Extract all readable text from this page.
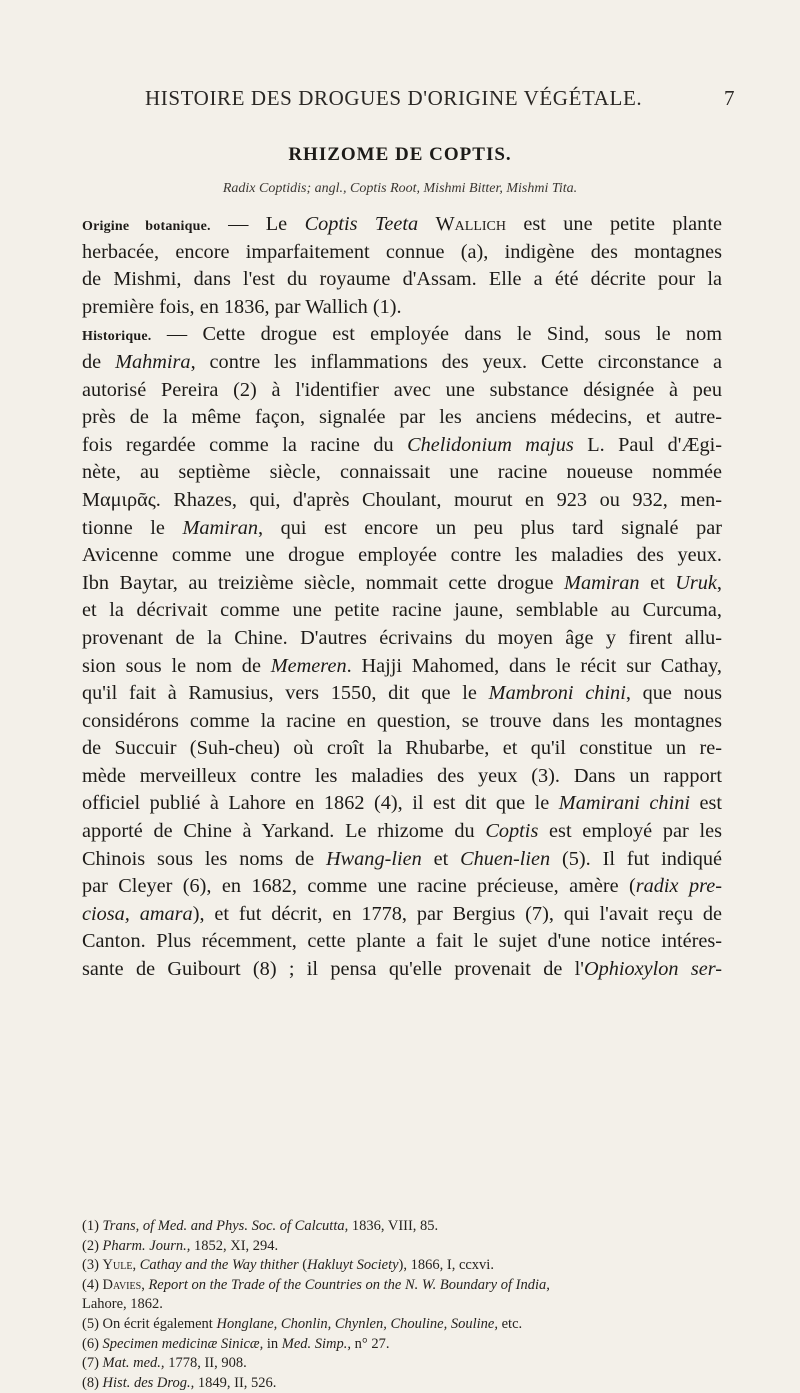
HISTOIRE DES DROGUES D'ORIGINE VÉGÉTALE.	7
RHIZOME DE COPTIS.
Radix Coptidis; angl., Coptis Root, Mishmi Bitter, Mishmi Tita.
Origine botanique. — Le Coptis Teeta Wallich est une petite plante
herbacée, encore imparfaitement connue (a), indigène des montagnes
de Mishmi, dans l'est du royaume d'Assam. Elle a été décrite pour la
première fois, en 1836, par Wallich (1).
Historique. — Cette drogue est employée dans le Sind, sous le nom
de Mahmira, contre les inflammations des yeux. Cette circonstance a
autorisé Pereira (2) à l'identifier avec une substance désignée à peu
près de la même façon, signalée par les anciens médecins, et autre-
fois regardée comme la racine du Chelidonium majus L. Paul d'Ægi-
nète, au septième siècle, connaissait une racine noueuse nommée
Μαμιρᾶς. Rhazes, qui, d'après Choulant, mourut en 923 ou 932, men-
tionne le Mamiran, qui est encore un peu plus tard signalé par
Avicenne comme une drogue employée contre les maladies des yeux.
Ibn Baytar, au treizième siècle, nommait cette drogue Mamiran et Uruk,
et la décrivait comme une petite racine jaune, semblable au Curcuma,
provenant de la Chine. D'autres écrivains du moyen âge y firent allu-
sion sous le nom de Memeren. Hajji Mahomed, dans le récit sur Cathay,
qu'il fait à Ramusius, vers 1550, dit que le Mambroni chini, que nous
considérons comme la racine en question, se trouve dans les montagnes
de Succuir (Suh-cheu) où croît la Rhubarbe, et qu'il constitue un re-
mède merveilleux contre les maladies des yeux (3). Dans un rapport
officiel publié à Lahore en 1862 (4), il est dit que le Mamirani chini est
apporté de Chine à Yarkand. Le rhizome du Coptis est employé par les
Chinois sous les noms de Hwang-lien et Chuen-lien (5). Il fut indiqué
par Cleyer (6), en 1682, comme une racine précieuse, amère (radix pre-
ciosa, amara), et fut décrit, en 1778, par Bergius (7), qui l'avait reçu de
Canton. Plus récemment, cette plante a fait le sujet d'une notice intéres-
sante de Guibourt (8) ; il pensa qu'elle provenait de l'Ophioxylon ser-
(1) Trans, of Med. and Phys. Soc. of Calcutta, 1836, VIII, 85.
(2) Pharm. Journ., 1852, XI, 294.
(3) Yule, Cathay and the Way thither (Hakluyt Society), 1866, I, ccxvi.
(4) Davies, Report on the Trade of the Countries on the N. W. Boundary of India,
Lahore, 1862.
(5) On écrit également Honglane, Chonlin, Chynlen, Chouline, Souline, etc.
(6) Specimen medicinæ Sinicæ, in Med. Simp., n° 27.
(7) Mat. med., 1778, II, 908.
(8) Hist. des Drog., 1849, II, 526.
